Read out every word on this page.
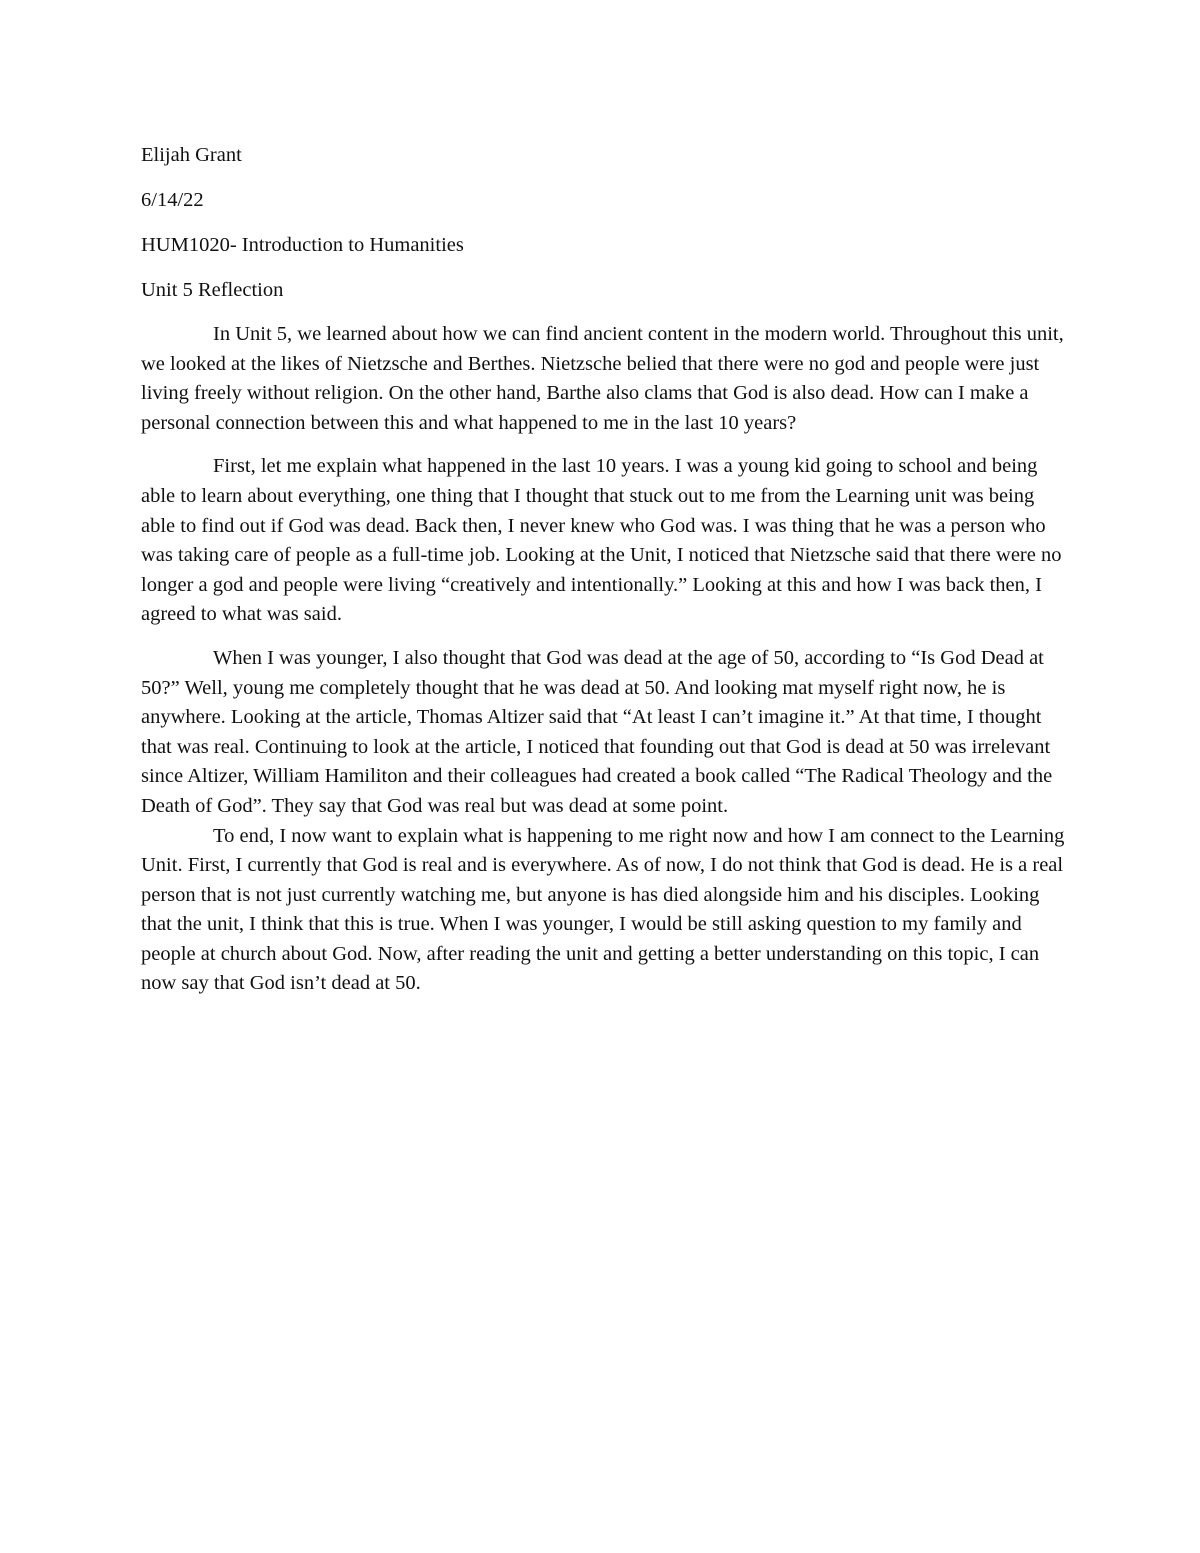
Elijah Grant
6/14/22
HUM1020- Introduction to Humanities
Unit 5 Reflection

In Unit 5, we learned about how we can find ancient content in the modern world. Throughout this unit, we looked at the likes of Nietzsche and Berthes. Nietzsche belied that there were no god and people were just living freely without religion. On the other hand, Barthe also clams that God is also dead. How can I make a personal connection between this and what happened to me in the last 10 years?

First, let me explain what happened in the last 10 years. I was a young kid going to school and being able to learn about everything, one thing that I thought that stuck out to me from the Learning unit was being able to find out if God was dead. Back then, I never knew who God was. I was thing that he was a person who was taking care of people as a full-time job. Looking at the Unit, I noticed that Nietzsche said that there were no longer a god and people were living “creatively and intentionally.” Looking at this and how I was back then, I agreed to what was said.

When I was younger, I also thought that God was dead at the age of 50, according to “Is God Dead at 50?” Well, young me completely thought that he was dead at 50. And looking mat myself right now, he is anywhere. Looking at the article, Thomas Altizer said that “At least I can’t imagine it.” At that time, I thought that was real. Continuing to look at the article, I noticed that founding out that God is dead at 50 was irrelevant since Altizer, William Hamiliton and their colleagues had created a book called “The Radical Theology and the Death of God”. They say that God was real but was dead at some point.

To end, I now want to explain what is happening to me right now and how I am connect to the Learning Unit. First, I currently that God is real and is everywhere. As of now, I do not think that God is dead. He is a real person that is not just currently watching me, but anyone is has died alongside him and his disciples. Looking that the unit, I think that this is true. When I was younger, I would be still asking question to my family and people at church about God. Now, after reading the unit and getting a better understanding on this topic, I can now say that God isn’t dead at 50.
